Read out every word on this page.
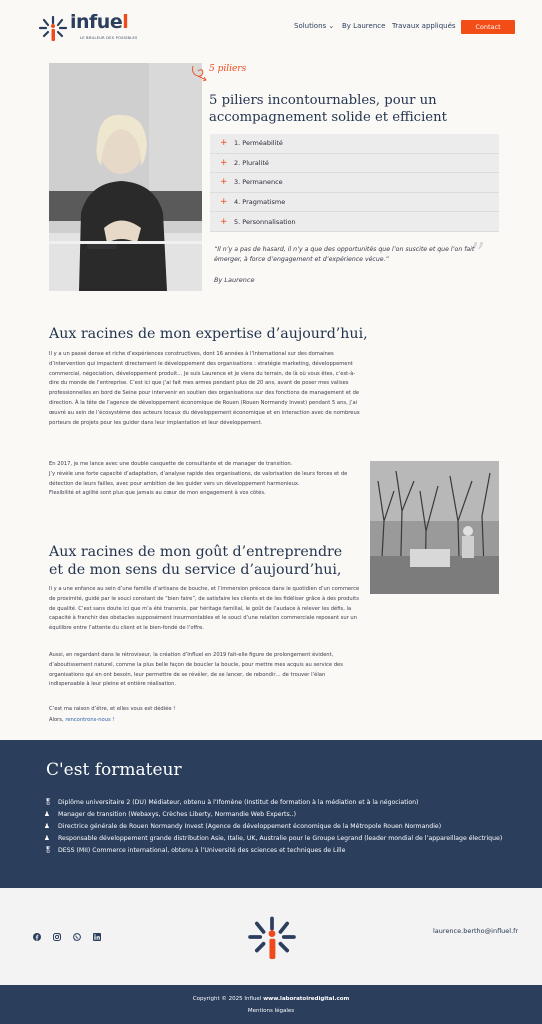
infuel
LE BRULEUR DES POSSIBLES
Solutions ⌄ By Laurence Travaux appliqués	Contact
5 piliers
5 piliers incontournables, pour un accompagnement solide et efficient
+ 1. Perméabilité
+ 2. Pluralité
+ 3. Permanence
+ 4. Pragmatisme
+ 5. Personnalisation
”
“Il n’y a pas de hasard, il n’y a que des opportunités que l’on suscite et que l’on fait émerger, à force d’engagement et d’expérience vécue.”
By Laurence
Aux racines de mon expertise d’aujourd’hui,
Il y a un passé dense et riche d’expériences constructives, dont 16 années à l’International sur des domaines d’intervention qui impactent directement le développement des organisations : stratégie marketing, développement commercial, négociation, développement produit… Je suis Laurence et je viens du terrain, de là où vous êtes, c’est-à-dire du monde de l’entreprise. C’est ici que j’ai fait mes armes pendant plus de 20 ans, avant de poser mes valises professionnelles en bord de Seine pour intervenir en soutien des organisations sur des fonctions de management et de direction. À la tête de l’agence de développement économique de Rouen (Rouen Normandy Invest) pendant 5 ans, j’ai œuvré au sein de l’écosystème des acteurs locaux du développement économique et en interaction avec de nombreux porteurs de projets pour les guider dans leur implantation et leur développement.
En 2017, je me lance avec une double casquette de consultante et de manager de transition.
J’y révèle une forte capacité d’adaptation, d’analyse rapide des organisations, de valorisation de leurs forces et de détection de leurs failles, avec pour ambition de les guider vers un développement harmonieux.
Flexibilité et agilité sont plus que jamais au cœur de mon engagement à vos côtés.
Aux racines de mon goût d’entreprendre et de mon sens du service d’aujourd’hui,
Il y a une enfance au sein d’une famille d’artisans de bouche, et l’immersion précoce dans le quotidien d’un commerce de proximité, guidé par le souci constant de “bien faire”, de satisfaire les clients et de les fidéliser grâce à des produits de qualité. C’est sans doute ici que m’a été transmis, par héritage familial, le goût de l’audace à relever les défis, la capacité à franchir des obstacles supposément insurmontables et le souci d’une relation commerciale reposant sur un équilibre entre l’attente du client et le bien-fondé de l’offre.
Aussi, en regardant dans le rétroviseur, la création d’Influel en 2019 fait-elle figure de prolongement évident, d’aboutissement naturel, comme la plus belle façon de boucler la boucle, pour mettre mes acquis au service des organisations qui en ont besoin, leur permettre de se révéler, de se lancer, de rebondir… de trouver l’élan indispensable à leur pleine et entière réalisation.
C’est ma raison d’être, et elles vous est dédiée !
Alors, rencontrons-nous !
C'est formateur
🎖 Diplôme universitaire 2 (DU) Médiateur, obtenu à l’Ifomène (Institut de formation à la médiation et à la négociation)
♟	Manager de transition (Webaxys, Crèches Liberty, Normandie Web Experts..)
♟	Directrice générale de Rouen Normandy Invest (Agence de développement économique de la Métropole Rouen Normandie)
♟	Responsable développement grande distribution Asie, Italie, UK, Australie pour le Groupe Legrand (leader mondial de l’appareillage électrique)
🎖 DESS (MII) Commerce international, obtenu à l’Université des sciences et techniques de Lille
laurence.bertho@influel.fr
Copyright © 2025 Influel www.laboratoiredigital.com
Mentions légales
